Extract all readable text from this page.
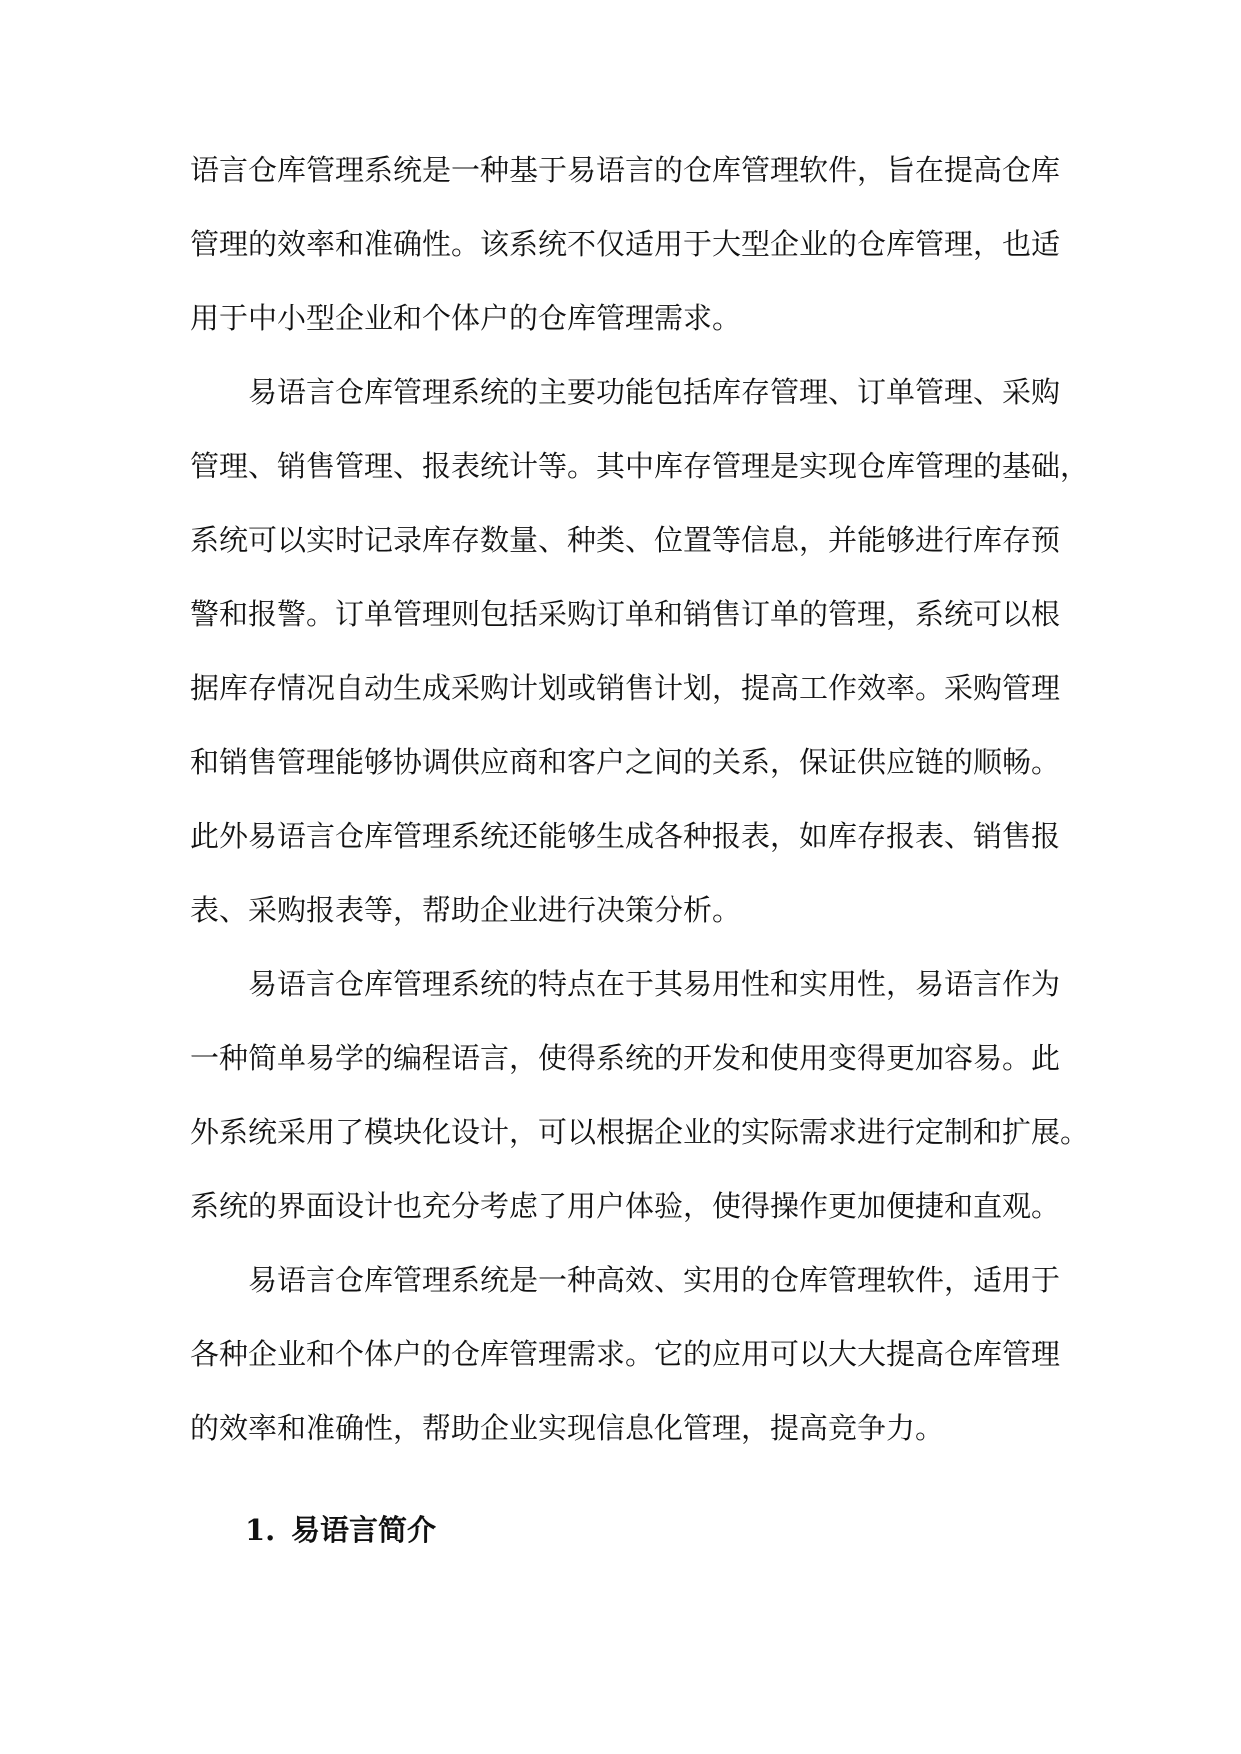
语言仓库管理系统是一种基于易语言的仓库管理软件，旨在提高仓库
管理的效率和准确性。该系统不仅适用于大型企业的仓库管理，也适
用于中小型企业和个体户的仓库管理需求。
易语言仓库管理系统的主要功能包括库存管理、订单管理、采购
管理、销售管理、报表统计等。其中库存管理是实现仓库管理的基础，
系统可以实时记录库存数量、种类、位置等信息，并能够进行库存预
警和报警。订单管理则包括采购订单和销售订单的管理，系统可以根
据库存情况自动生成采购计划或销售计划，提高工作效率。采购管理
和销售管理能够协调供应商和客户之间的关系，保证供应链的顺畅。
此外易语言仓库管理系统还能够生成各种报表，如库存报表、销售报
表、采购报表等，帮助企业进行决策分析。
易语言仓库管理系统的特点在于其易用性和实用性，易语言作为
一种简单易学的编程语言，使得系统的开发和使用变得更加容易。此
外系统采用了模块化设计，可以根据企业的实际需求进行定制和扩展。
系统的界面设计也充分考虑了用户体验，使得操作更加便捷和直观。
易语言仓库管理系统是一种高效、实用的仓库管理软件，适用于
各种企业和个体户的仓库管理需求。它的应用可以大大提高仓库管理
的效率和准确性，帮助企业实现信息化管理，提高竞争力。
1. 易语言简介
